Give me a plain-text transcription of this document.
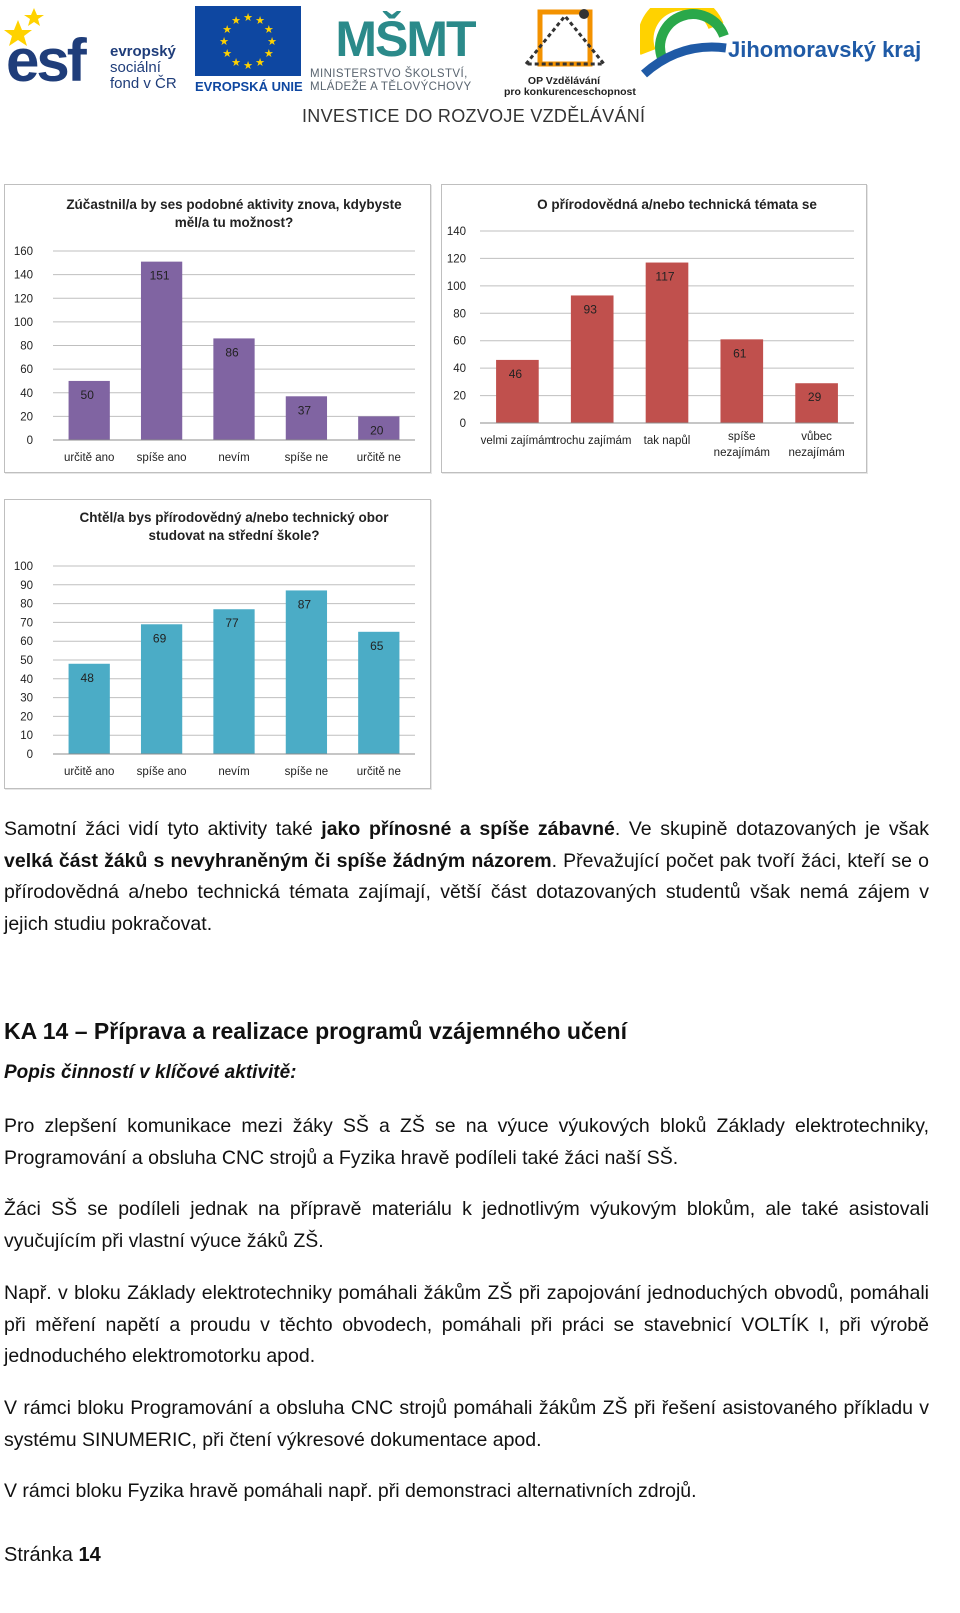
esf evropský
sociální
fond v ČR
★ ★
★
★
★
★
★
★
★
★
★
★
EVROPSKÁ UNIE
MŠMT
MINISTERSTVO ŠKOLSTVÍ,
MLÁDEŽE A TĚLOVÝCHOVY
OP Vzdělávání
pro konkurenceschopnost
Jihomoravský kraj
INVESTICE DO ROZVOJE VZDĚLÁVÁNÍ
Zúčastnil/a by ses podobné aktivity znova, kdybyste
měl/a tu možnost?
0
20
40
60
80
100
120
140
160
50
určitě ano
151
spíše ano
86
nevím
37
spíše ne
20
určitě ne
O přírodovědná a/nebo technická témata se
0
20
40
60
80
100
120
140
46
velmi zajímám
93
trochu zajímám
117
tak napůl
61
spíše
nezajímám
29
vůbec
nezajímám
Chtěl/a bys přírodovědný a/nebo technický obor
studovat na střední škole?
0
10
20
30
40
50
60
70
80
90
100
48
určitě ano
69
spíše ano
77
nevím
87
spíše ne
65
určitě ne
Samotní žáci vidí tyto aktivity také jako přínosné a spíše zábavné. Ve skupině dotazovaných je však velká část žáků s nevyhraněným či spíše žádným názorem. Převažující počet pak tvoří žáci, kteří se o přírodovědná a/nebo technická témata zajímají, větší část dotazovaných studentů však nemá zájem v jejich studiu pokračovat.
KA 14 – Příprava a realizace programů vzájemného učení
Popis činností v klíčové aktivitě:
Pro zlepšení komunikace mezi žáky SŠ a ZŠ se na výuce výukových bloků Základy elektrotechniky, Programování a obsluha CNC strojů a Fyzika hravě podíleli také žáci naší SŠ.
Žáci SŠ se podíleli jednak na přípravě materiálu k jednotlivým výukovým blokům, ale také asistovali vyučujícím při vlastní výuce žáků ZŠ.
Např. v bloku Základy elektrotechniky pomáhali žákům ZŠ při zapojování jednoduchých obvodů, pomáhali při měření napětí a proudu v těchto obvodech, pomáhali při práci se stavebnicí VOLTÍK I, při výrobě jednoduchého elektromotorku apod.
V rámci bloku Programování a obsluha CNC strojů pomáhali žákům ZŠ při řešení asistovaného příkladu v systému SINUMERIC, při čtení výkresové dokumentace apod.
V rámci bloku Fyzika hravě pomáhali např. při demonstraci alternativních zdrojů.
Stránka 14
